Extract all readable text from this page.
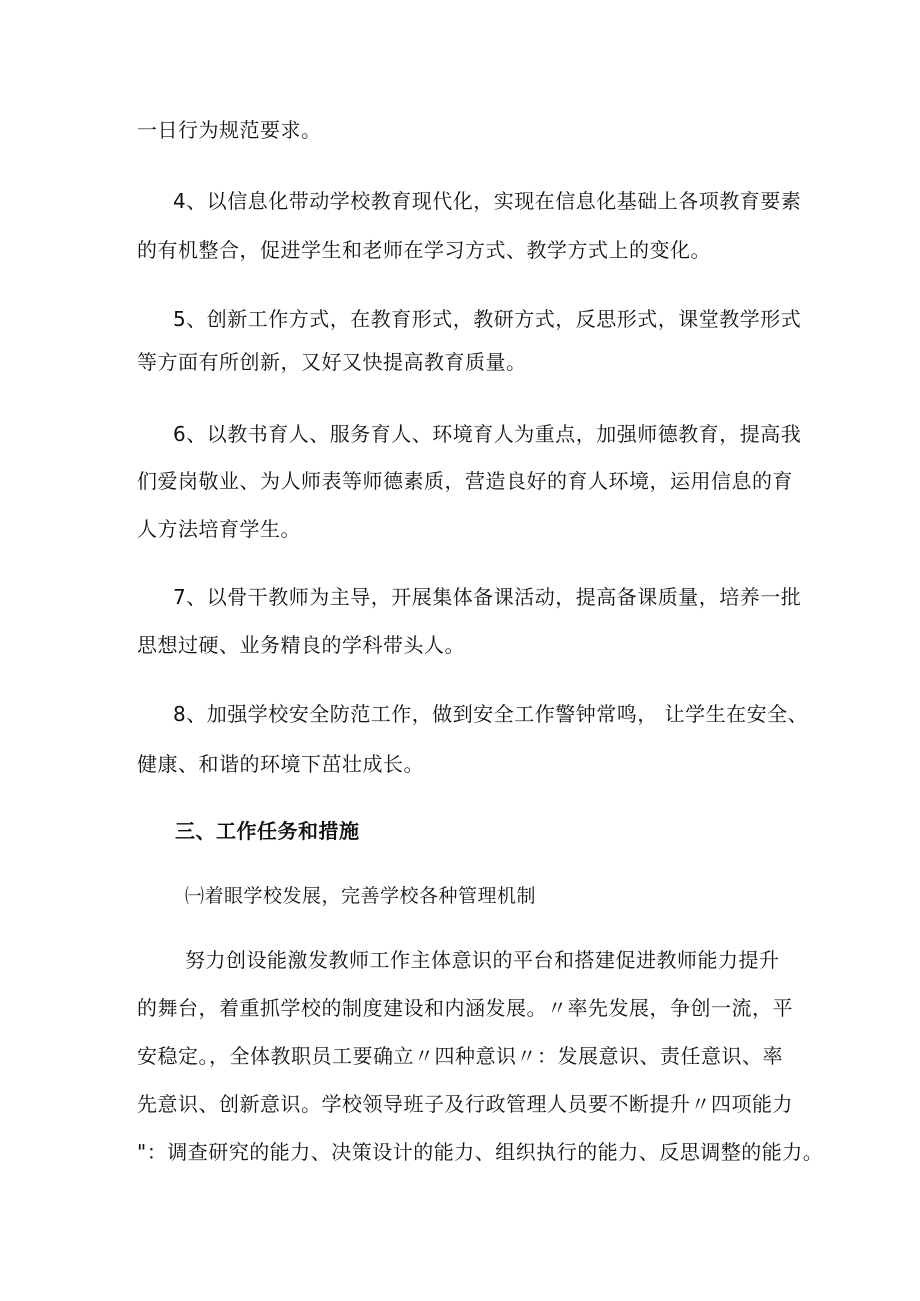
一日行为规范要求。
4、以信息化带动学校教育现代化，实现在信息化基础上各项教育要素
的有机整合，促进学生和老师在学习方式、教学方式上的变化。
5、创新工作方式，在教育形式，教研方式，反思形式，课堂教学形式
等方面有所创新，又好又快提高教育质量。
6、以教书育人、服务育人、环境育人为重点，加强师德教育，提高我
们爱岗敬业、为人师表等师德素质，营造良好的育人环境，运用信息的育
人方法培育学生。
7、以骨干教师为主导，开展集体备课活动，提高备课质量，培养一批
思想过硬、业务精良的学科带头人。
8、加强学校安全防范工作，做到安全工作警钟常鸣， 让学生在安全、
健康、和谐的环境下茁壮成长。
三、工作任务和措施
㈠着眼学校发展，完善学校各种管理机制
努力创设能激发教师工作主体意识的平台和搭建促进教师能力提升
的舞台，着重抓学校的制度建设和内涵发展。〃率先发展，争创一流，平
安稳定。，全体教职员工要确立〃四种意识〃：发展意识、责任意识、率
先意识、创新意识。学校领导班子及行政管理人员要不断提升〃四项能力
"：调查研究的能力、决策设计的能力、组织执行的能力、反思调整的能力。
